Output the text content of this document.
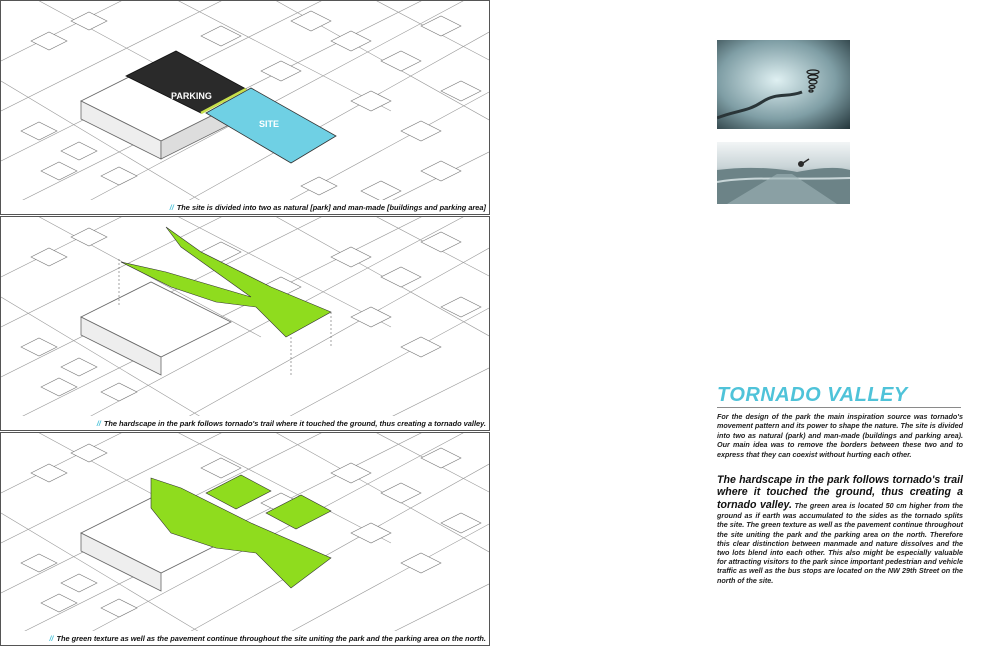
PARKING
SITE
// The site is divided into two as natural [park] and man-made [buildings and parking area]
// The hardscape in the park follows tornado's trail where it touched the ground, thus creating a tornado valley.
// The green texture as well as the pavement continue throughout the site uniting the park and the parking area on the north.
TORNADO VALLEY
For the design of the park the main inspiration source was tornado's movement pattern and its power to shape the nature. The site is divided into two as natural (park) and man-made (buildings and parking area). Our main idea was to remove the borders between these two and to express that they can coexist without hurting each other.
The hardscape in the park follows tornado's trail where it touched the ground, thus creating a tornado valley. The green area is located 50 cm higher from the ground as if earth was accumulated to the sides as the tornado splits the site. The green texture as well as the pavement continue throughout the site uniting the park and the parking area on the north. Therefore this clear distinction between manmade and nature dissolves and the two lots blend into each other. This also might be especially valuable for attracting visitors to the park since important pedestrian and vehicle traffic as well as the bus stops are located on the NW 29th Street on the north of the site.
